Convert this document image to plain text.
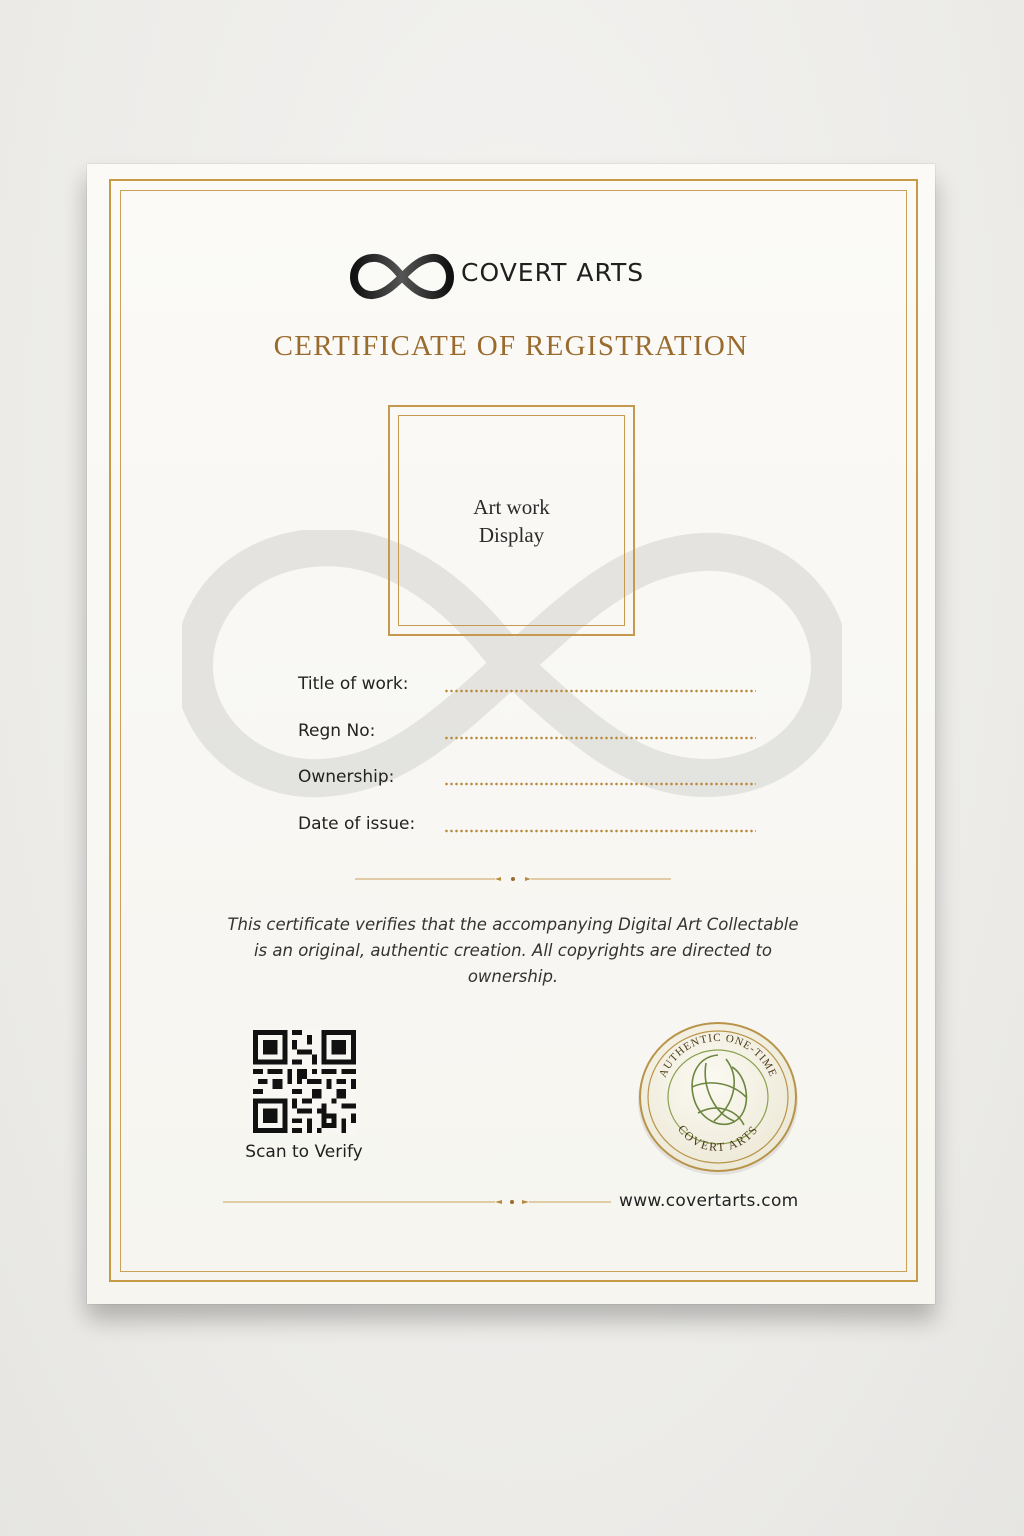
COVERT ARTS
CERTIFICATE OF REGISTRATION
Art work
Display
Title of work:
Regn No:
Ownership:
Date of issue:
This certificate verifies that the accompanying Digital Art Collectable
is an original, authentic creation. All copyrights are directed to
ownership.
Scan to Verify
AUTHENTIC ONE-TIME
COVERT ARTS
www.covertarts.com
